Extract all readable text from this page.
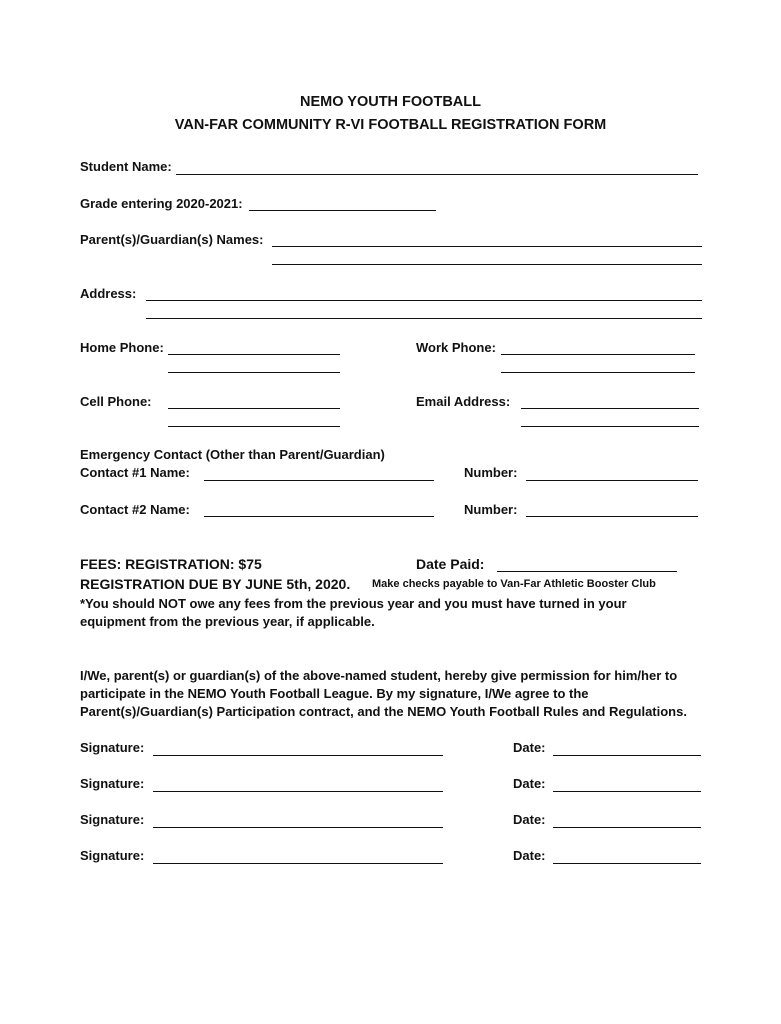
NEMO YOUTH FOOTBALL
VAN-FAR COMMUNITY R-VI FOOTBALL REGISTRATION FORM
Student Name:
Grade entering 2020-2021:
Parent(s)/Guardian(s) Names:
Address:
Home Phone:	Work Phone:
Cell Phone:	Email Address:
Emergency Contact (Other than Parent/Guardian)
Contact #1 Name:	Number:
Contact #2 Name:	Number:
FEES: REGISTRATION: $75	Date Paid:
REGISTRATION DUE BY JUNE 5th, 2020. Make checks payable to Van-Far Athletic Booster Club
*You should NOT owe any fees from the previous year and you must have turned in your
equipment from the previous year, if applicable.
I/We, parent(s) or guardian(s) of the above-named student, hereby give permission for him/her to
participate in the NEMO Youth Football League. By my signature, I/We agree to the
Parent(s)/Guardian(s) Participation contract, and the NEMO Youth Football Rules and Regulations.
Signature:	Date:
Signature:	Date:
Signature:	Date:
Signature:	Date:
